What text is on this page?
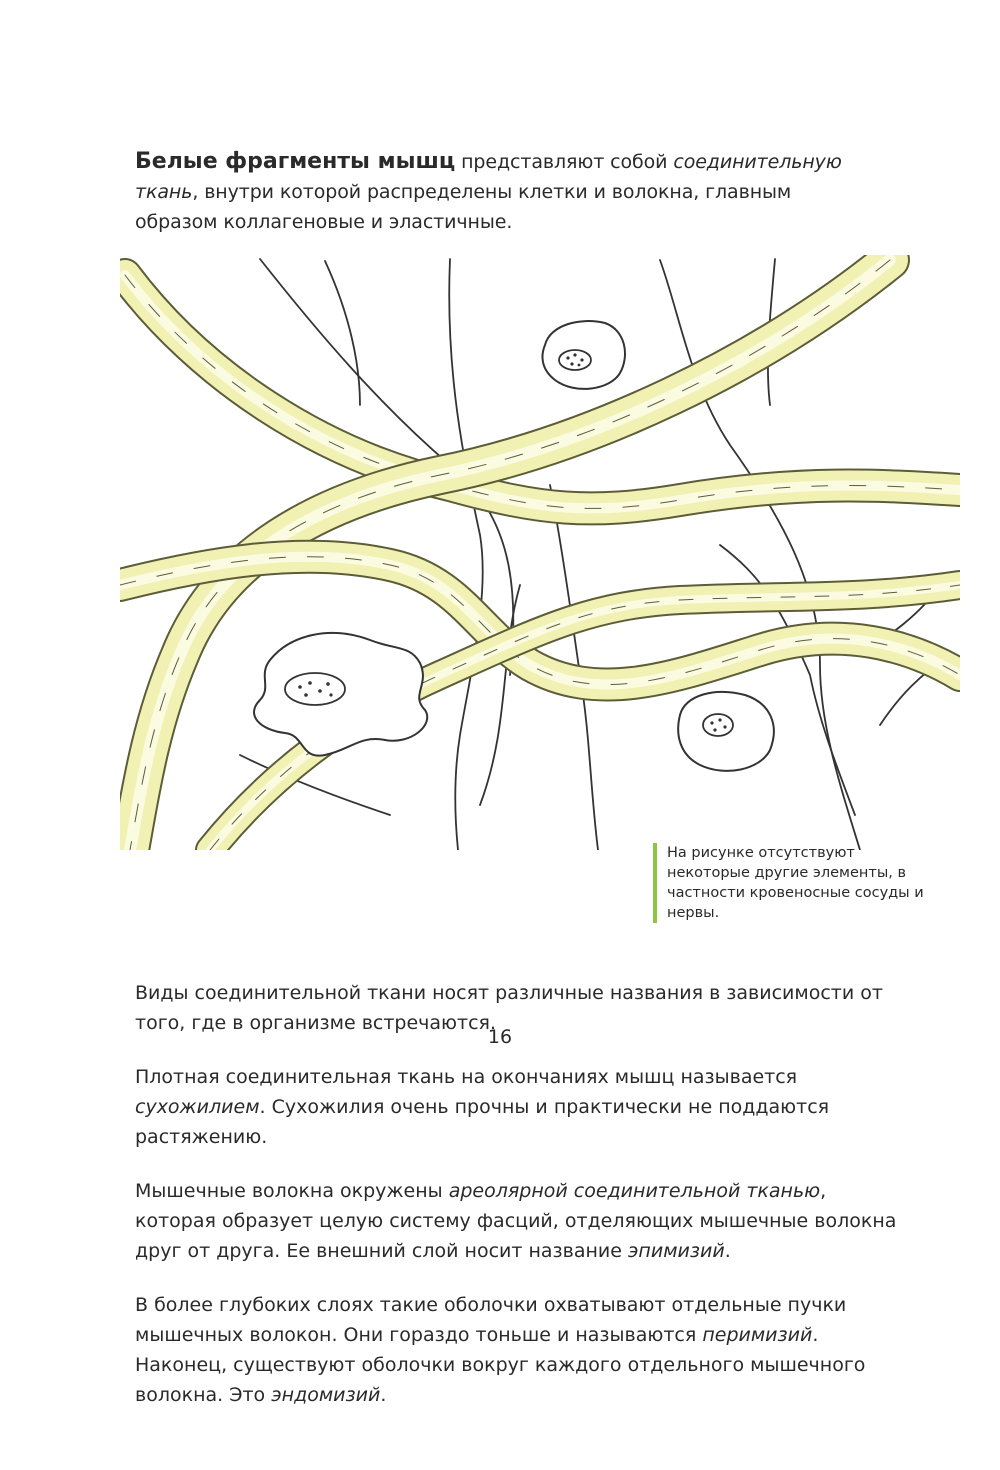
Белые фрагменты мышц представляют собой соединительную ткань, внутри которой распределены клетки и волокна, главным образом коллагеновые и эластичные.

На рисунке отсутствуют некоторые другие элементы, в частности кровеносные сосуды и нервы.

Виды соединительной ткани носят различные названия в зависимости от того, где в организме встречаются.

Плотная соединительная ткань на окончаниях мышц называется сухожилием. Сухожилия очень прочны и практически не поддаются растяжению.

Мышечные волокна окружены ареолярной соединительной тканью, которая образует целую систему фасций, отделяющих мышечные волокна друг от друга. Ее внешний слой носит название эпимизий.

В более глубоких слоях такие оболочки охватывают отдельные пучки мышечных волокон. Они гораздо тоньше и называются перимизий. Наконец, существуют оболочки вокруг каждого отдельного мышечного волокна. Это эндомизий.

16
